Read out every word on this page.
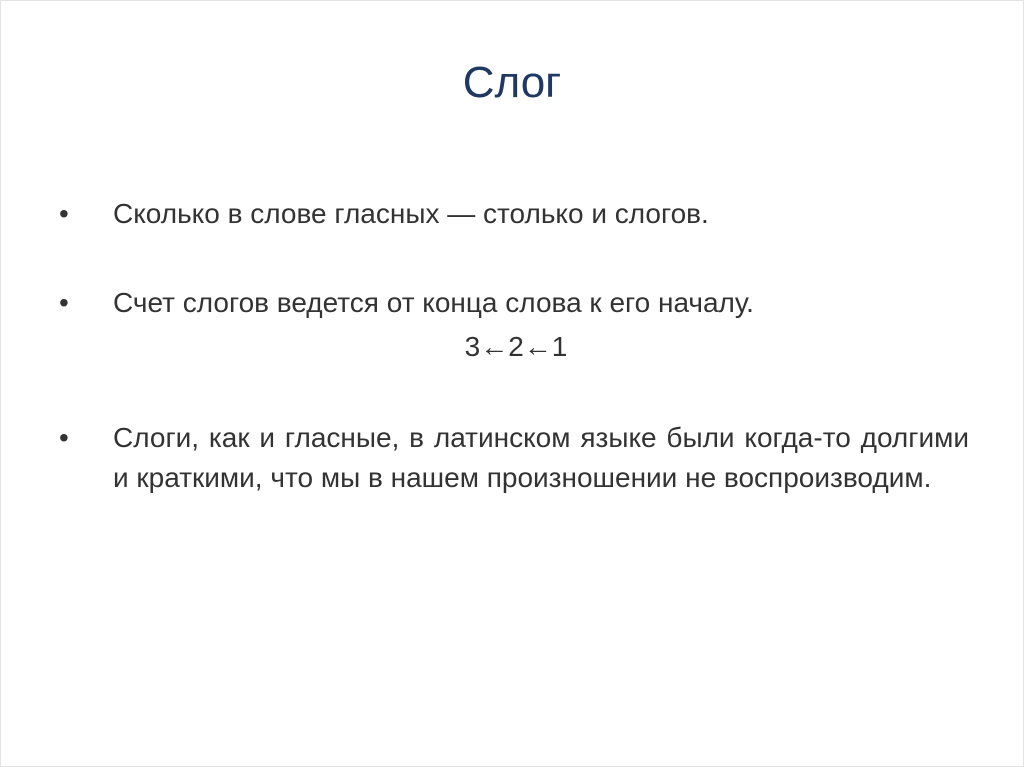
Слог
• Сколько в слове гласных — столько и слогов.
• Счет слогов ведется от конца слова к его началу.
3←2←1
• Слоги, как и гласные, в латинском языке были когда-то долгими и краткими, что мы в нашем произношении не воспроизводим.
